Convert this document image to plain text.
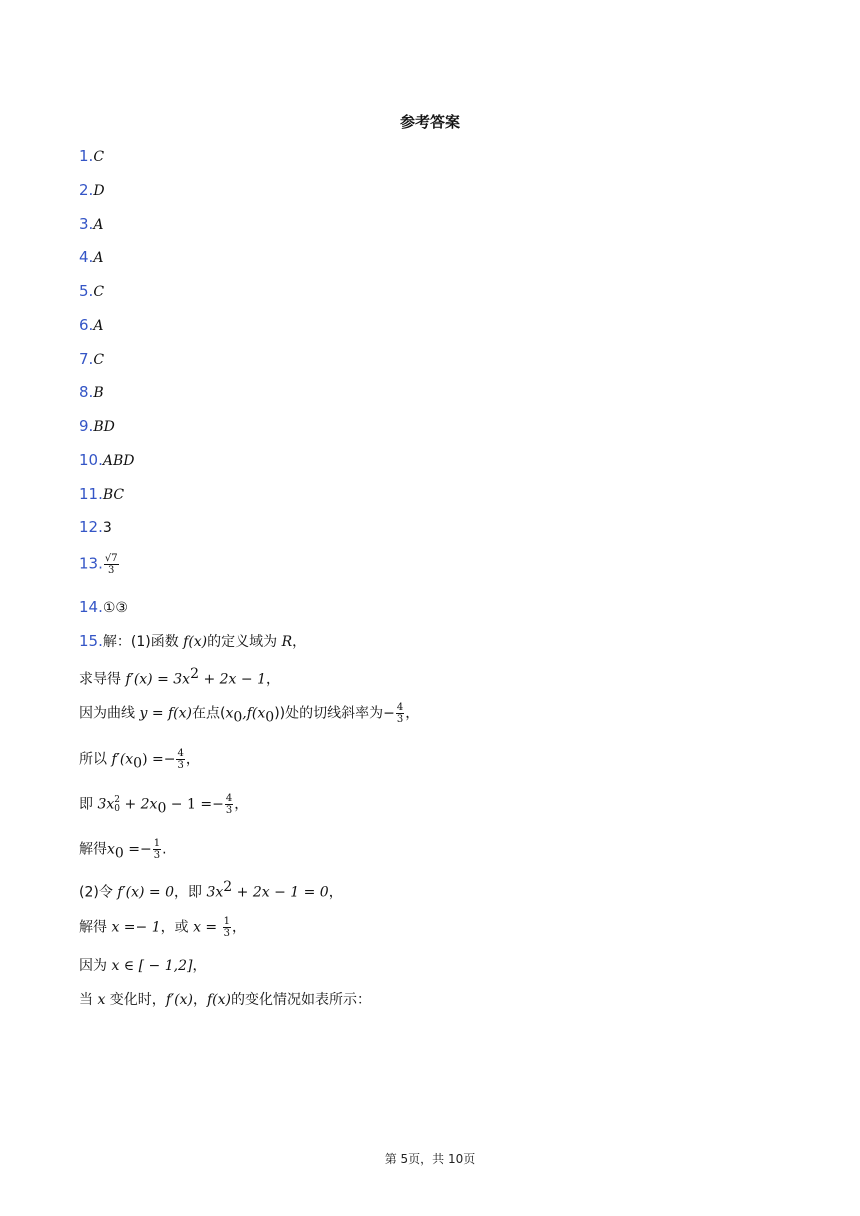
参考答案
1.C
2.D
3.A
4.A
5.C
6.A
7.C
8.B
9.BD
10.ABD
11.BC
12.3
13. $\frac{√7}{3}$
14.①③
15.解：(1)函数 f(x)的定义域为 R，
求导得 $f'(x) = 3x^2 + 2x - 1$，
因为曲线 y = f(x)在点$(x_0,f(x_0))$处的切线斜率为− $\frac{4}{3}$ ，
所以 $f'(x_0) =- \frac{4}{3}$ ，
即 3x 2
$0 + 2x_0 - 1 =- \frac{4}{3}$ ，
解得$x_0 =- \frac{1}{3}$ .
(2)令 f′(x) = 0，即 $3x^2 + 2x - 1 = 0$，
解得 x =− 1，或 $x = \frac{1}{3}$ ，
因为 x ∈ [ − 1,2]，
当 x 变化时，f′(x)，f(x)的变化情况如表所示：
第 5页，共 10页
